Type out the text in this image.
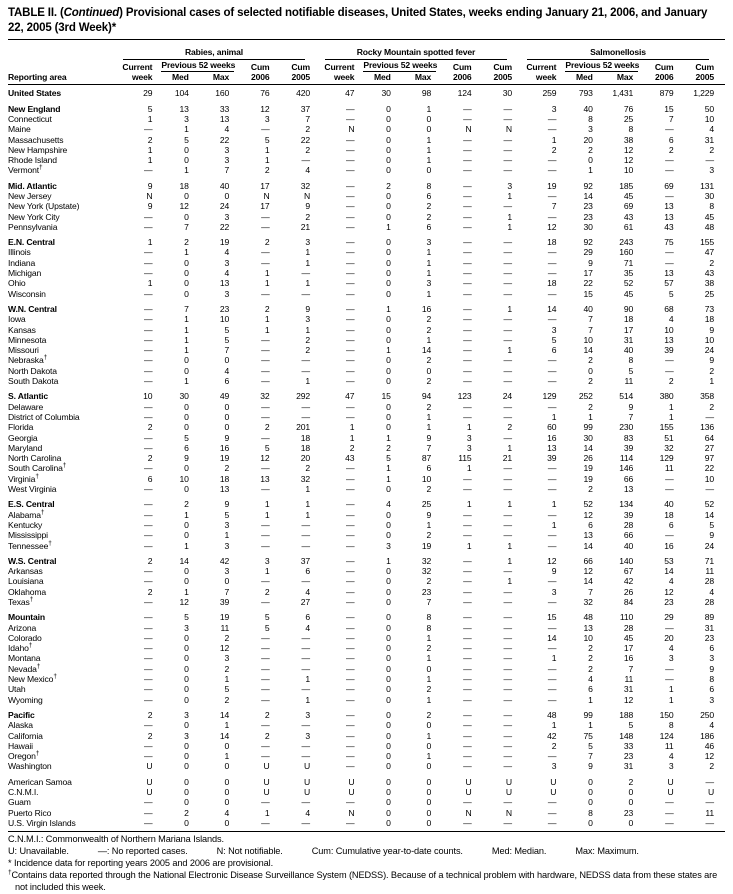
TABLE II. (Continued) Provisional cases of selected notifiable diseases, United States, weeks ending January 21, 2006, and January 22, 2005 (3rd Week)*

	Rabies, animal					Rocky Mountain spotted fever					Salmonellosis				

	Current	Previous 52 weeks		Cum	Cum	Current	Previous 52 weeks		Cum	Cum	Current	Previous 52 weeks		Cum	Cum
Reporting area	week	Med	Max	2006	2005	week	Med	Max	2006	2005	week	Med	Max	2006	2005
United States	29	104	160	76	420	47	30	98	124	30	259	793	1,431	879	1,229
New England	5	13	33	12	37	—	0	1	—	—	3	40	76	15	50
Connecticut	1	3	13	3	7	—	0	0	—	—	—	8	25	7	10
Maine	—	1	4	—	2	N	0	0	N	N	—	3	8	—	4
Massachusetts	2	5	22	5	22	—	0	1	—	—	1	20	38	6	31
New Hampshire	1	0	3	1	2	—	0	1	—	—	2	2	12	2	2
Rhode Island	1	0	3	1	—	—	0	1	—	—	—	0	12	—	—
Vermont†	—	1	7	2	4	—	0	0	—	—	—	1	10	—	3
Mid. Atlantic	9	18	40	17	32	—	2	8	—	3	19	92	185	69	131
New Jersey	N	0	0	N	N	—	0	6	—	1	—	14	45	—	30
New York (Upstate)	9	12	24	17	9	—	0	2	—	—	7	23	69	13	8
New York City	—	0	3	—	2	—	0	2	—	1	—	23	43	13	45
Pennsylvania	—	7	22	—	21	—	1	6	—	1	12	30	61	43	48
E.N. Central	1	2	19	2	3	—	0	3	—	—	18	92	243	75	155
Illinois	—	1	4	—	1	—	0	1	—	—	—	29	160	—	47
Indiana	—	0	3	—	1	—	0	1	—	—	—	9	71	—	2
Michigan	—	0	4	1	—	—	0	1	—	—	—	17	35	13	43
Ohio	1	0	13	1	1	—	0	3	—	—	18	22	52	57	38
Wisconsin	—	0	3	—	—	—	0	1	—	—	—	15	45	5	25
W.N. Central	—	7	23	2	9	—	1	16	—	1	14	40	90	68	73
Iowa	—	1	10	1	3	—	0	2	—	—	—	7	18	4	18
Kansas	—	1	5	1	1	—	0	2	—	—	3	7	17	10	9
Minnesota	—	1	5	—	2	—	0	1	—	—	5	10	31	13	10
Missouri	—	1	7	—	2	—	1	14	—	1	6	14	40	39	24
Nebraska†	—	0	0	—	—	—	0	2	—	—	—	2	8	—	9
North Dakota	—	0	4	—	—	—	0	0	—	—	—	0	5	—	2
South Dakota	—	1	6	—	1	—	0	2	—	—	—	2	11	2	1
S. Atlantic	10	30	49	32	292	47	15	94	123	24	129	252	514	380	358
Delaware	—	0	0	—	—	—	0	2	—	—	—	2	9	1	2
District of Columbia	—	0	0	—	—	—	0	1	—	—	1	1	7	1	—
Florida	2	0	0	2	201	1	0	1	1	2	60	99	230	155	136
Georgia	—	5	9	—	18	1	1	9	3	—	16	30	83	51	64
Maryland	—	6	16	5	18	2	2	7	3	1	13	14	39	32	27
North Carolina	2	9	19	12	20	43	5	87	115	21	39	26	114	129	97
South Carolina†	—	0	2	—	2	—	1	6	1	—	—	19	146	11	22
Virginia†	6	10	18	13	32	—	1	10	—	—	—	19	66	—	10
West Virginia	—	0	13	—	1	—	0	2	—	—	—	2	13	—	—
E.S. Central	—	2	9	1	1	—	4	25	1	1	1	52	134	40	52
Alabama†	—	1	5	1	1	—	0	9	—	—	—	12	39	18	14
Kentucky	—	0	3	—	—	—	0	1	—	—	1	6	28	6	5
Mississippi	—	0	1	—	—	—	0	2	—	—	—	13	66	—	9
Tennessee†	—	1	3	—	—	—	3	19	1	1	—	14	40	16	24
W.S. Central	2	14	42	3	37	—	1	32	—	1	12	66	140	53	71
Arkansas	—	0	3	1	6	—	0	32	—	—	9	12	67	14	11
Louisiana	—	0	0	—	—	—	0	2	—	1	—	14	42	4	28
Oklahoma	2	1	7	2	4	—	0	23	—	—	3	7	26	12	4
Texas†	—	12	39	—	27	—	0	7	—	—	—	32	84	23	28
Mountain	—	5	19	5	6	—	0	8	—	—	15	48	110	29	89
Arizona	—	3	11	5	4	—	0	8	—	—	—	13	28	—	31
Colorado	—	0	2	—	—	—	0	1	—	—	14	10	45	20	23
Idaho†	—	0	12	—	—	—	0	2	—	—	—	2	17	4	6
Montana	—	0	3	—	—	—	0	1	—	—	1	2	16	3	3
Nevada†	—	0	2	—	—	—	0	0	—	—	—	2	7	—	9
New Mexico†	—	0	1	—	1	—	0	1	—	—	—	4	11	—	8
Utah	—	0	5	—	—	—	0	2	—	—	—	6	31	1	6
Wyoming	—	0	2	—	1	—	0	1	—	—	—	1	12	1	3
Pacific	2	3	14	2	3	—	0	2	—	—	48	99	188	150	250
Alaska	—	0	1	—	—	—	0	0	—	—	1	1	5	8	4
California	2	3	14	2	3	—	0	1	—	—	42	75	148	124	186
Hawaii	—	0	0	—	—	—	0	0	—	—	2	5	33	11	46
Oregon†	—	0	1	—	—	—	0	1	—	—	—	7	23	4	12
Washington	U	0	0	U	U	—	0	0	—	—	3	9	31	3	2
American Samoa	U	0	0	U	U	U	0	0	U	U	U	0	2	U	—
C.N.M.I.	U	0	0	U	U	U	0	0	U	U	U	0	0	U	U
Guam	—	0	0	—	—	—	0	0	—	—	—	0	0	—	—
Puerto Rico	—	2	4	1	4	N	0	0	N	N	—	8	23	—	11
U.S. Virgin Islands	—	0	0	—	—	—	0	0	—	—	—	0	0	—	—
C.N.M.I.: Commonwealth of Northern Mariana Islands.
U: Unavailable.	—: No reported cases.	N: Not notifiable.	Cum: Cumulative year-to-date counts.	Med: Median.	Max: Maximum.
* Incidence data for reporting years 2005 and 2006 are provisional.
†Contains data reported through the National Electronic Disease Surveillance System (NEDSS). Because of a technical problem with hardware, NEDSS data from these states are not included this week.
